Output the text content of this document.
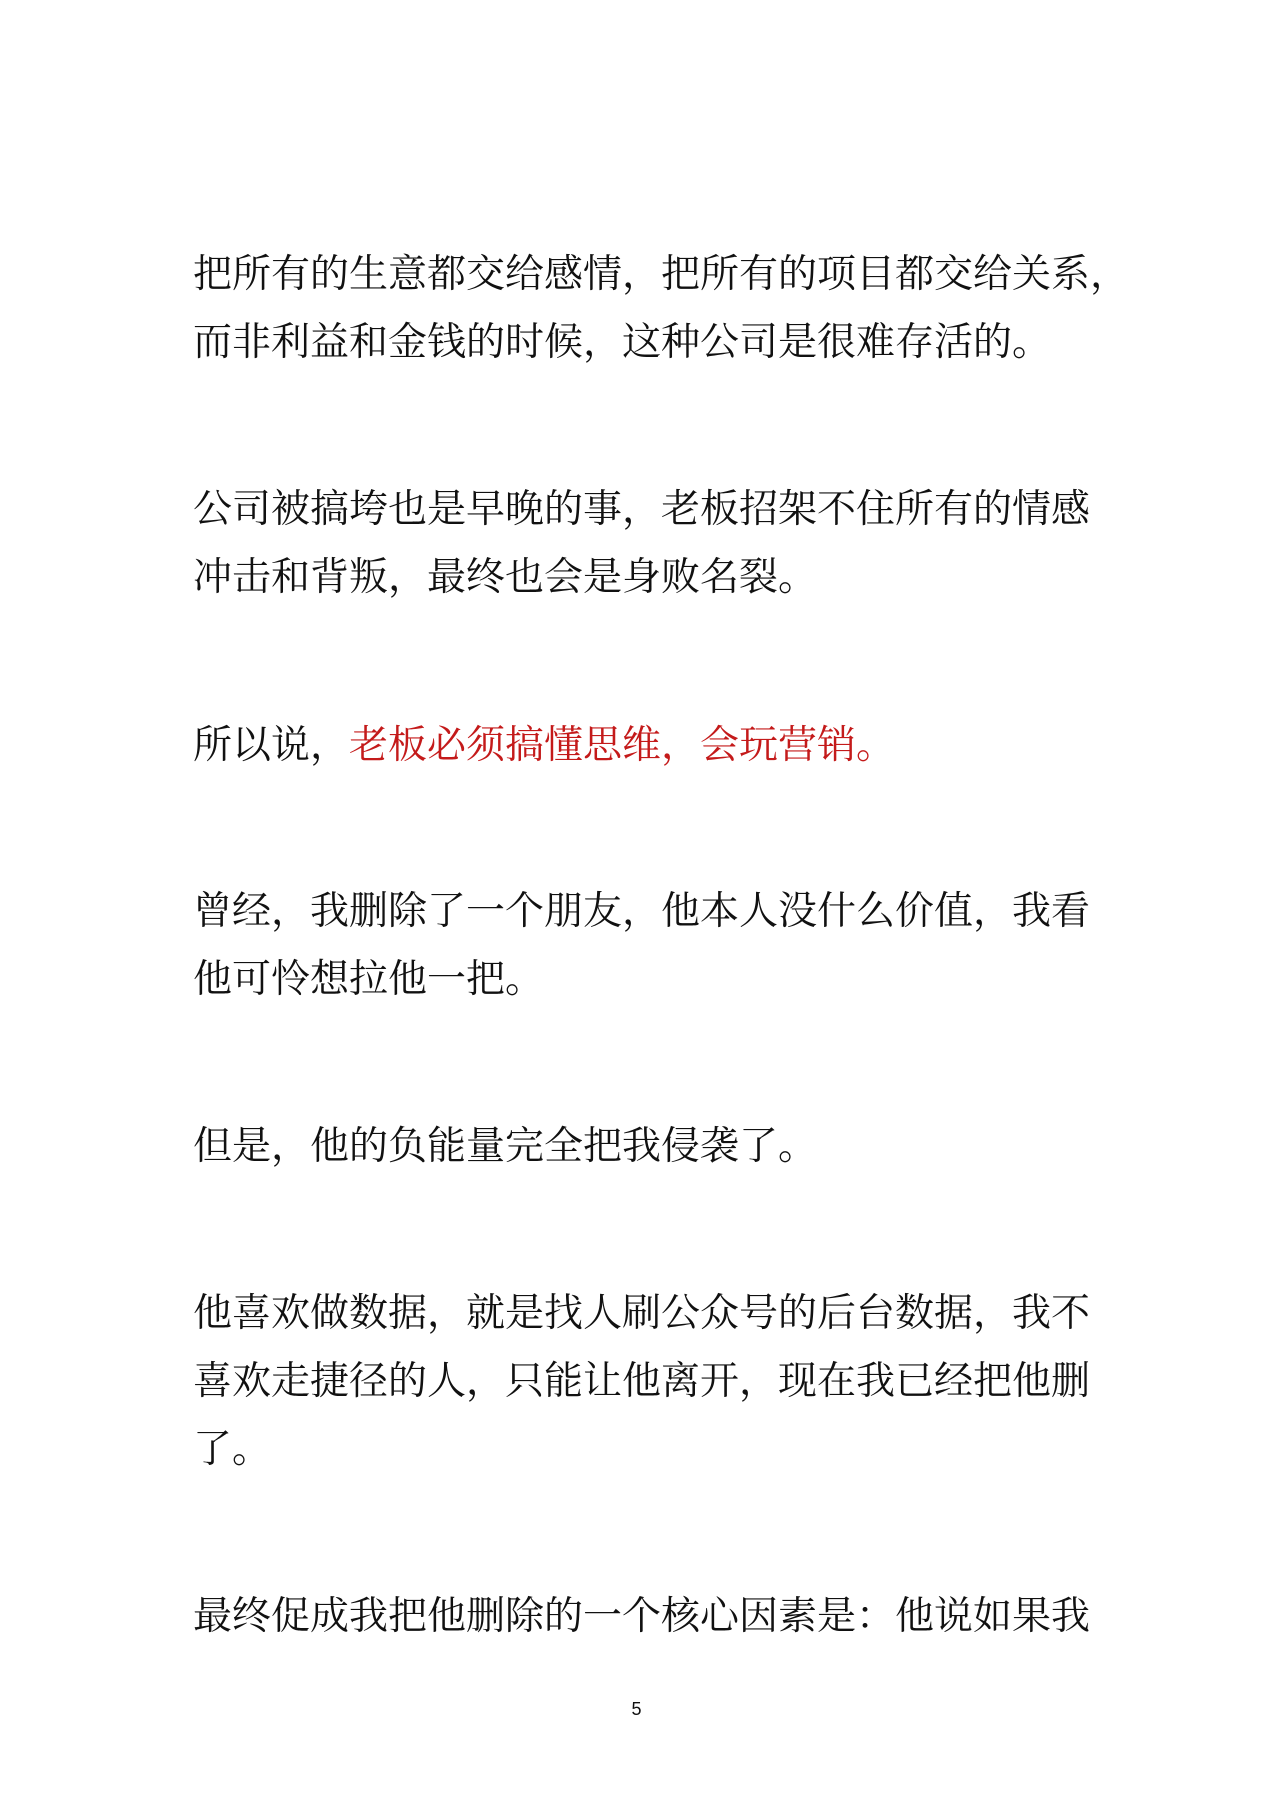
把所有的生意都交给感情，把所有的项目都交给关系，
而非利益和金钱的时候，这种公司是很难存活的。

公司被搞垮也是早晚的事，老板招架不住所有的情感
冲击和背叛，最终也会是身败名裂。

所以说，老板必须搞懂思维，会玩营销。

曾经，我删除了一个朋友，他本人没什么价值，我看
他可怜想拉他一把。

但是，他的负能量完全把我侵袭了。

他喜欢做数据，就是找人刷公众号的后台数据，我不
喜欢走捷径的人，只能让他离开，现在我已经把他删
了。

最终促成我把他删除的一个核心因素是：他说如果我

5
